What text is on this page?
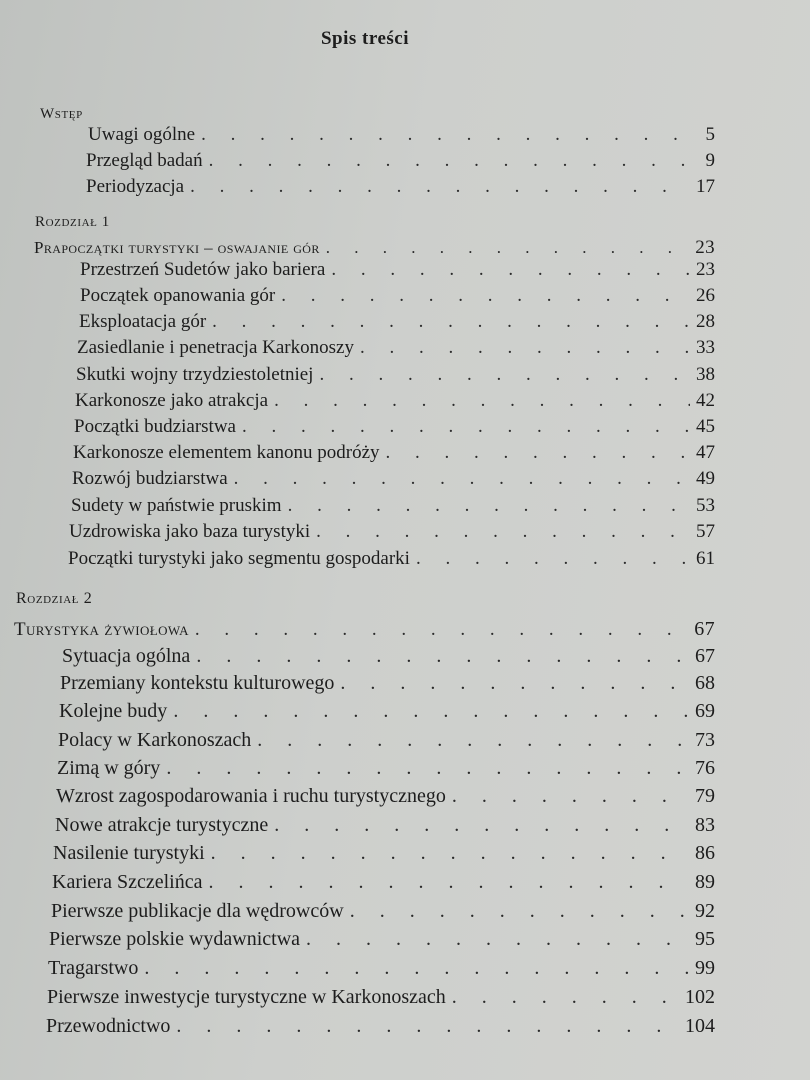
Spis treści
Wstęp
Uwagi ogólne . . .	5
Przegląd badań . . .	9
Periodyzacja . . .	17
Rozdział 1
Prapoczątki turystyki – oswajanie gór . . .	23
Przestrzeń Sudetów jako bariera . . .	23
Początek opanowania gór . . .	26
Eksploatacja gór . . .	28
Zasiedlanie i penetracja Karkonoszy . . .	33
Skutki wojny trzydziestoletniej . . .	38
Karkonosze jako atrakcja . . .	42
Początki budziarstwa . . .	45
Karkonosze elementem kanonu podróży . . .	47
Rozwój budziarstwa . . .	49
Sudety w państwie pruskim . . .	53
Uzdrowiska jako baza turystyki . . .	57
Początki turystyki jako segmentu gospodarki . . .	61
Rozdział 2
Turystyka żywiołowa . . .	67
Sytuacja ogólna . . .	67
Przemiany kontekstu kulturowego . . .	68
Kolejne budy . . .	69
Polacy w Karkonoszach . . .	73
Zimą w góry . . .	76
Wzrost zagospodarowania i ruchu turystycznego . . .	79
Nowe atrakcje turystyczne . . .	83
Nasilenie turystyki . . .	86
Kariera Szczelińca . . .	89
Pierwsze publikacje dla wędrowców . . .	92
Pierwsze polskie wydawnictwa . . .	95
Tragarstwo . . .	99
Pierwsze inwestycje turystyczne w Karkonoszach . . .	102
Przewodnictwo . . .	104
